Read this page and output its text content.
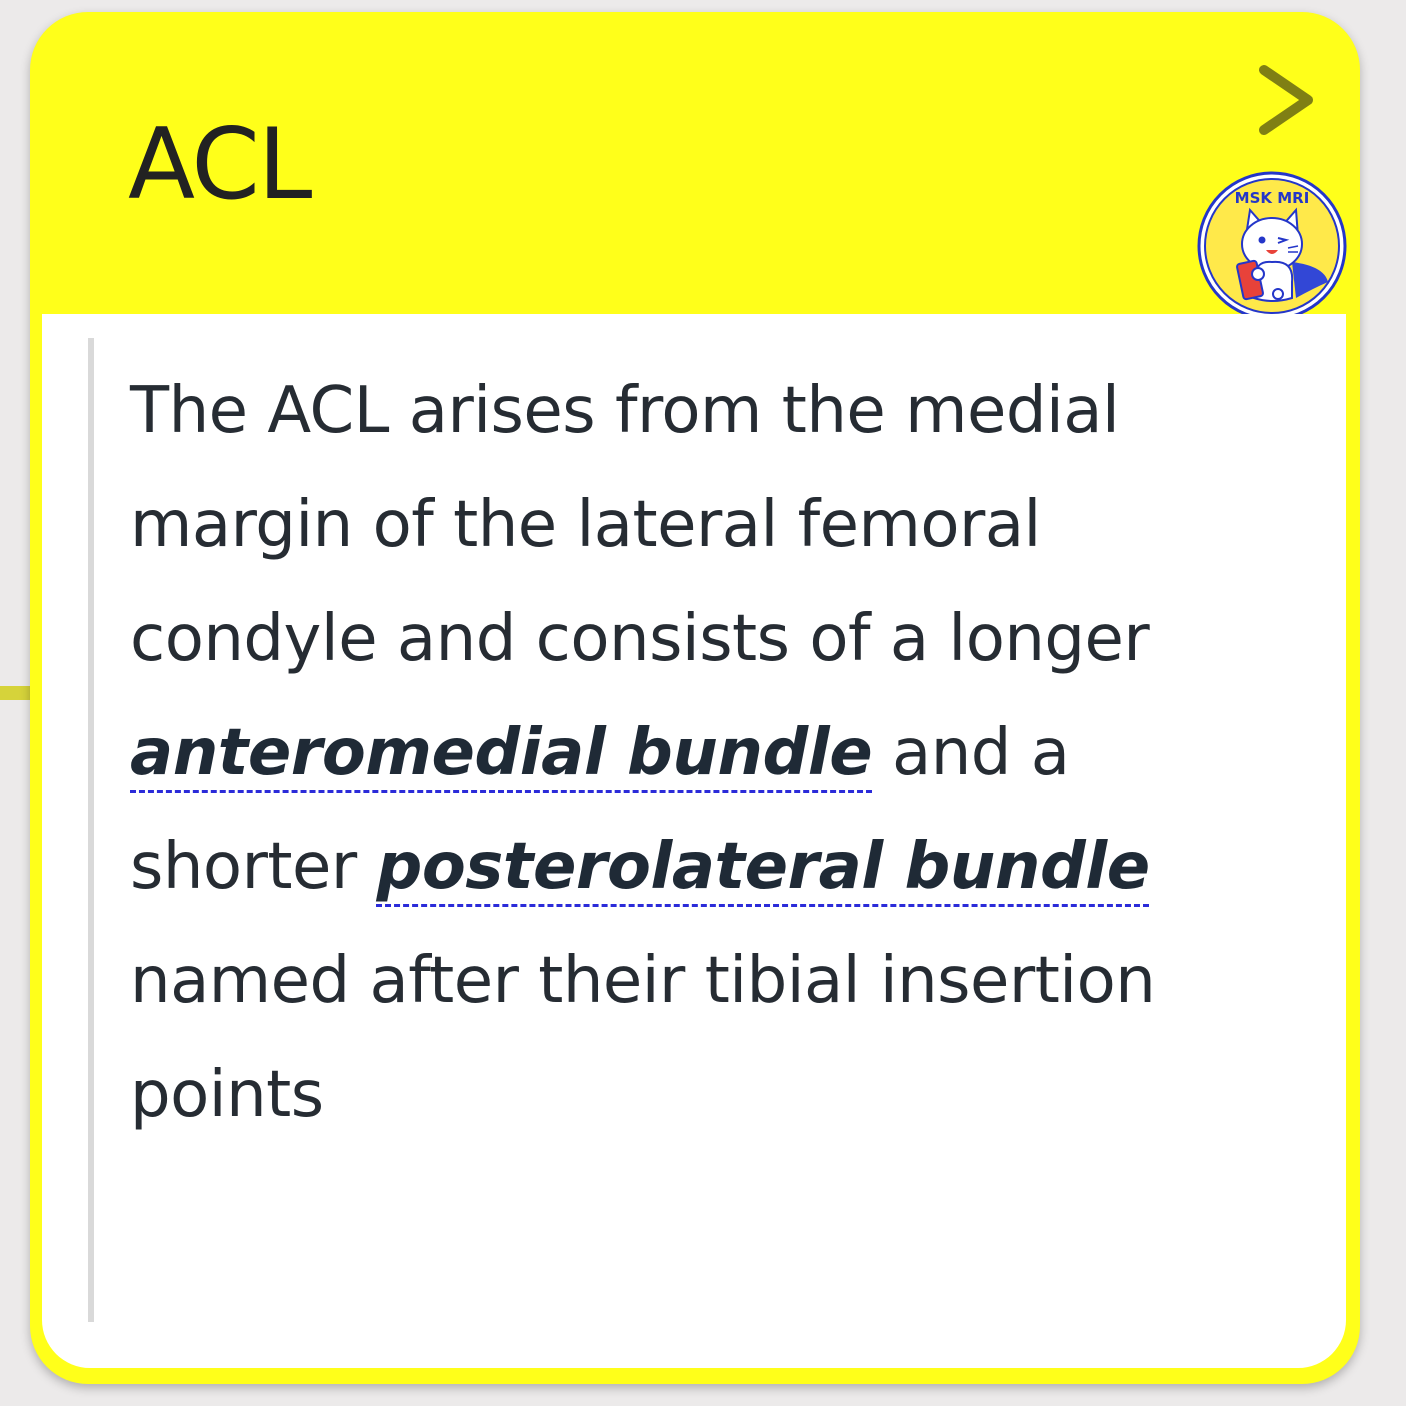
ACL	MSK MRI

The ACL arises from the medial margin of the lateral femoral condyle and consists of a longer anteromedial bundle and a shorter posterolateral bundle named after their tibial insertion points
